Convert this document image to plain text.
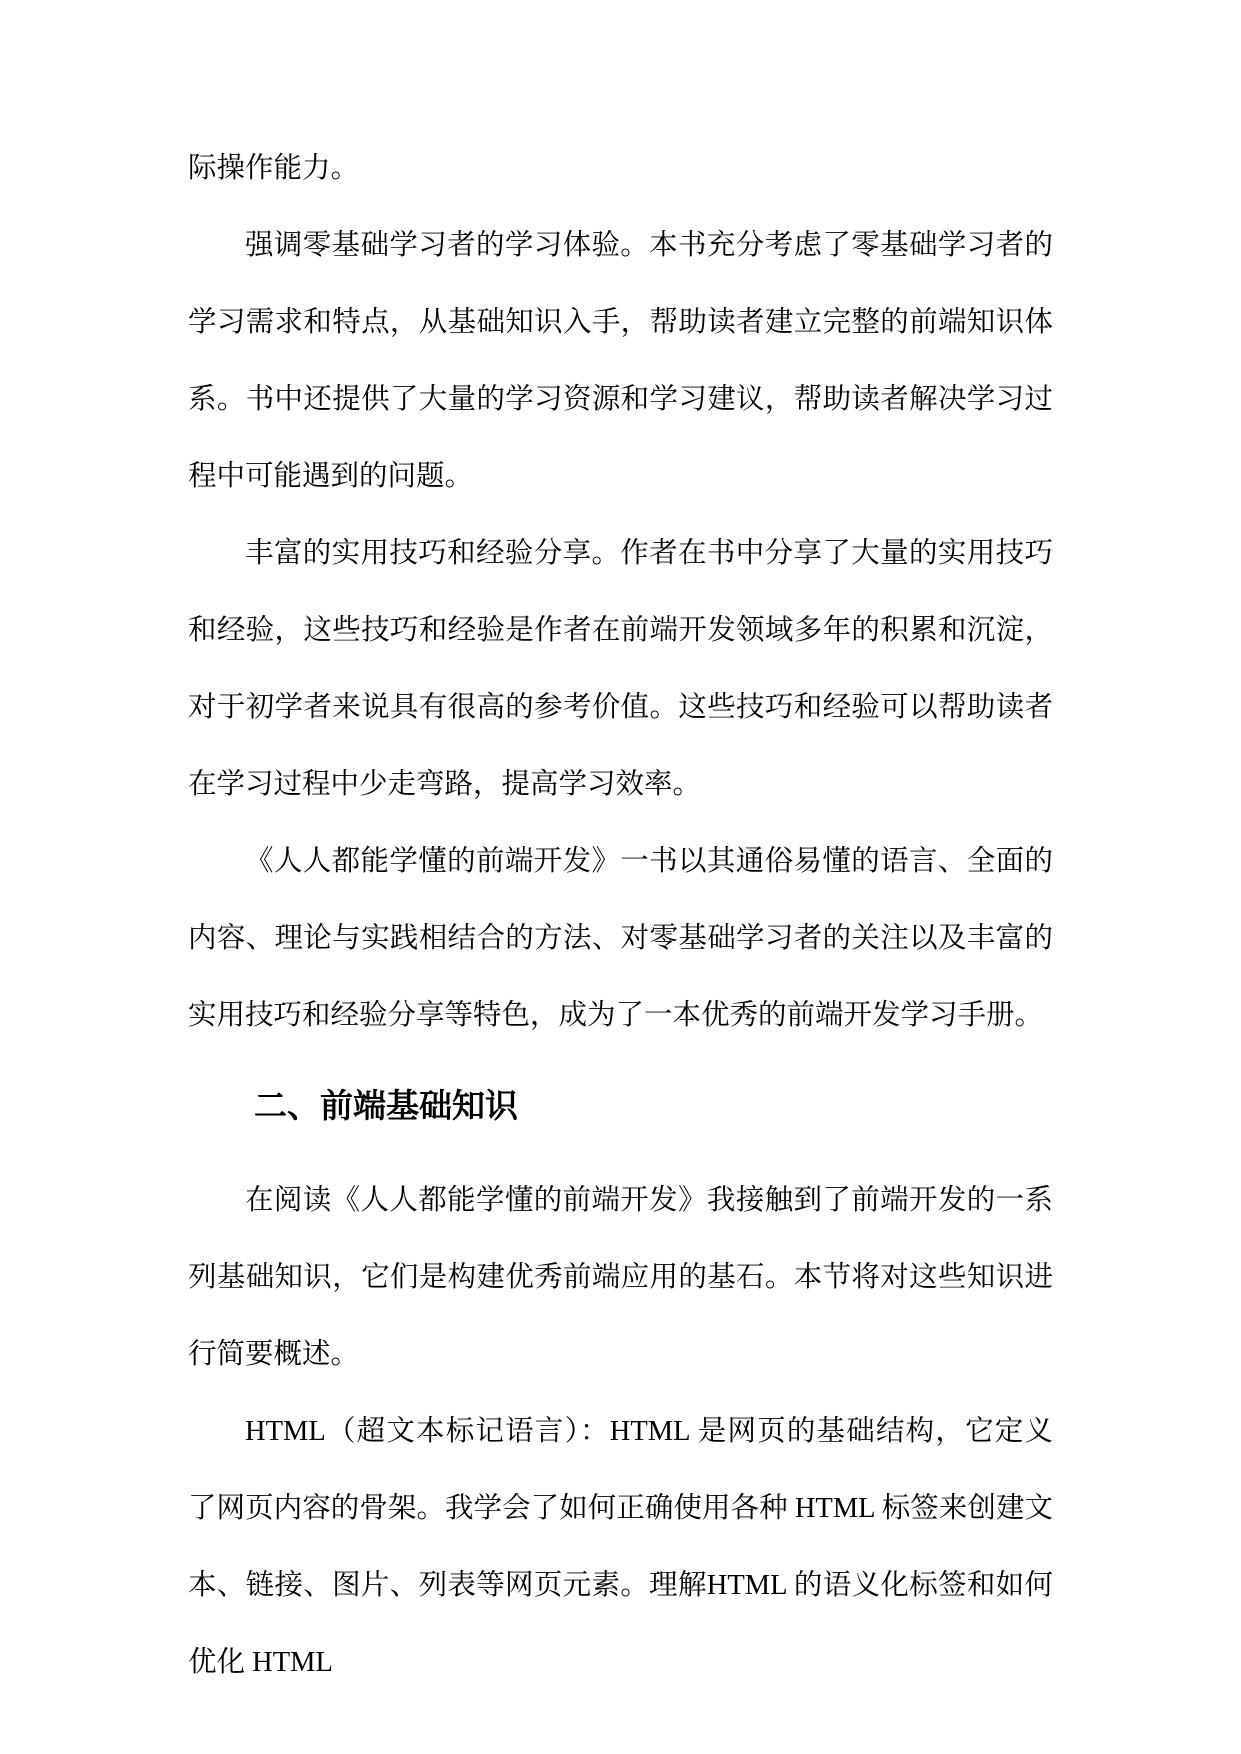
际操作能力。

强调零基础学习者的学习体验。本书充分考虑了零基础学习者的学习需求和特点，从基础知识入手，帮助读者建立完整的前端知识体系。书中还提供了大量的学习资源和学习建议，帮助读者解决学习过程中可能遇到的问题。

丰富的实用技巧和经验分享。作者在书中分享了大量的实用技巧和经验，这些技巧和经验是作者在前端开发领域多年的积累和沉淀，对于初学者来说具有很高的参考价值。这些技巧和经验可以帮助读者在学习过程中少走弯路，提高学习效率。

《人人都能学懂的前端开发》一书以其通俗易懂的语言、全面的内容、理论与实践相结合的方法、对零基础学习者的关注以及丰富的实用技巧和经验分享等特色，成为了一本优秀的前端开发学习手册。

二、前端基础知识

在阅读《人人都能学懂的前端开发》我接触到了前端开发的一系列基础知识，它们是构建优秀前端应用的基石。本节将对这些知识进行简要概述。

HTML（超文本标记语言）：HTML 是网页的基础结构，它定义了网页内容的骨架。我学会了如何正确使用各种 HTML 标签来创建文本、链接、图片、列表等网页元素。理解HTML 的语义化标签和如何优化 HTML
